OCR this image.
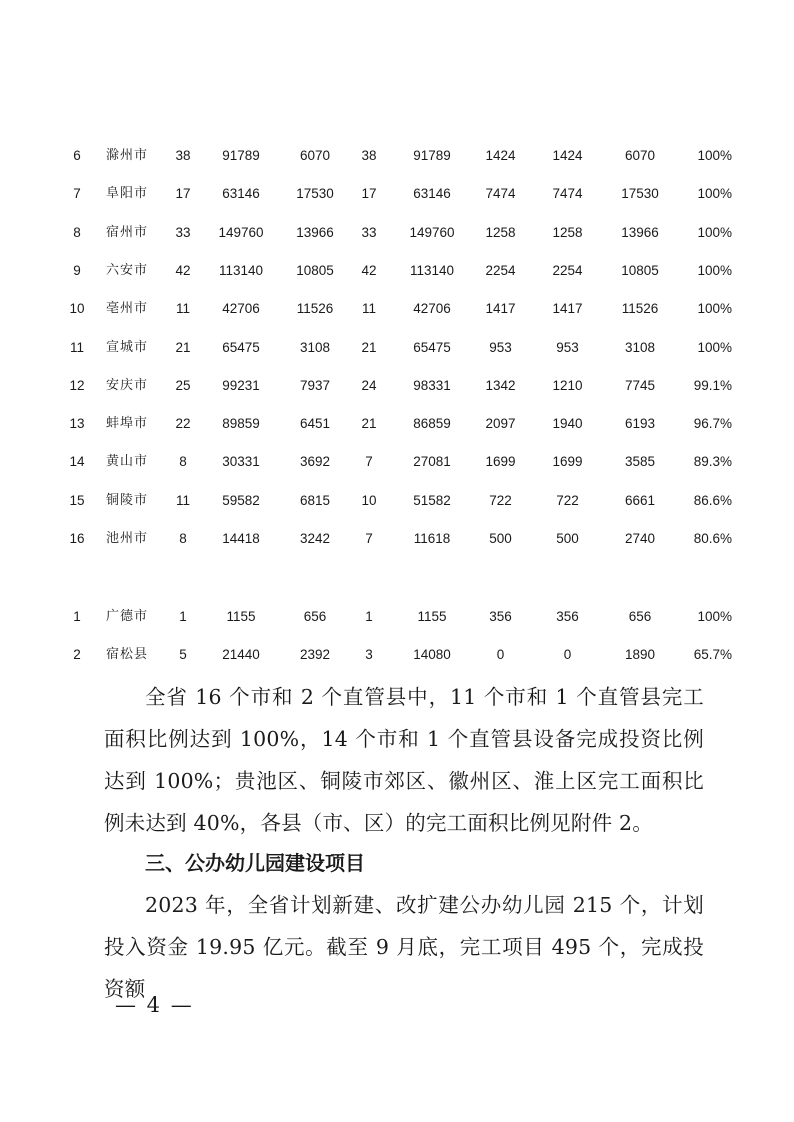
6	滁州市	38	91789	6070	38	91789	1424	1424	6070	100%
7	阜阳市	17	63146	17530	17	63146	7474	7474	17530	100%
8	宿州市	33	149760	13966	33	149760	1258	1258	13966	100%
9	六安市	42	113140	10805	42	113140	2254	2254	10805	100%
10	亳州市	11	42706	11526	11	42706	1417	1417	11526	100%
11	宣城市	21	65475	3108	21	65475	953	953	3108	100%
12	安庆市	25	99231	7937	24	98331	1342	1210	7745	99.1%
13	蚌埠市	22	89859	6451	21	86859	2097	1940	6193	96.7%
14	黄山市	8	30331	3692	7	27081	1699	1699	3585	89.3%
15	铜陵市	11	59582	6815	10	51582	722	722	6661	86.6%
16	池州市	8	14418	3242	7	11618	500	500	2740	80.6%
1	广德市	1	1155	656	1	1155	356	356	656	100%
2	宿松县	5	21440	2392	3	14080	0	0	1890	65.7%

全省 16 个市和 2 个直管县中，11 个市和 1 个直管县完工面积比例达到 100%，14 个市和 1 个直管县设备完成投资比例达到 100%；贵池区、铜陵市郊区、徽州区、淮上区完工面积比例未达到 40%，各县（市、区）的完工面积比例见附件 2。

三、公办幼儿园建设项目

2023 年，全省计划新建、改扩建公办幼儿园 215 个，计划投入资金 19.95 亿元。截至 9 月底，完工项目 495 个，完成投资额

— 4 —
